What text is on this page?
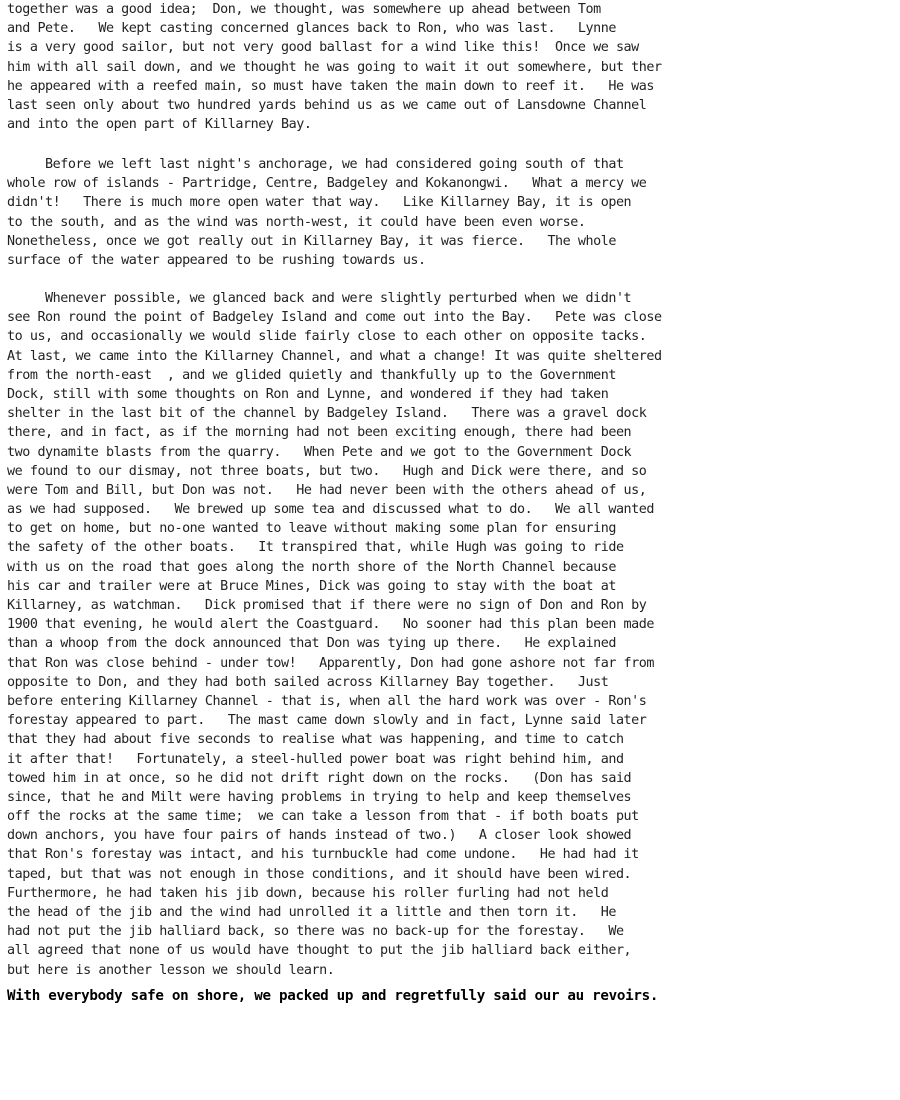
together was a good idea;  Don, we thought, was somewhere up ahead between Tom
and Pete.   We kept casting concerned glances back to Ron, who was last.   Lynne
is a very good sailor, but not very good ballast for a wind like this!  Once we saw
him with all sail down, and we thought he was going to wait it out somewhere, but ther
he appeared with a reefed main, so must have taken the main down to reef it.   He was
last seen only about two hundred yards behind us as we came out of Lansdowne Channel
and into the open part of Killarney Bay.
Before we left last night's anchorage, we had considered going south of that
whole row of islands - Partridge, Centre, Badgeley and Kokanongwi.   What a mercy we
didn't!   There is much more open water that way.   Like Killarney Bay, it is open
to the south, and as the wind was north-west, it could have been even worse.
Nonetheless, once we got really out in Killarney Bay, it was fierce.   The whole
surface of the water appeared to be rushing towards us.
Whenever possible, we glanced back and were slightly perturbed when we didn't
see Ron round the point of Badgeley Island and come out into the Bay.   Pete was close
to us, and occasionally we would slide fairly close to each other on opposite tacks.
At last, we came into the Killarney Channel, and what a change! It was quite sheltered
from the north-east  , and we glided quietly and thankfully up to the Government
Dock, still with some thoughts on Ron and Lynne, and wondered if they had taken
shelter in the last bit of the channel by Badgeley Island.   There was a gravel dock
there, and in fact, as if the morning had not been exciting enough, there had been
two dynamite blasts from the quarry.   When Pete and we got to the Government Dock
we found to our dismay, not three boats, but two.   Hugh and Dick were there, and so
were Tom and Bill, but Don was not.   He had never been with the others ahead of us,
as we had supposed.   We brewed up some tea and discussed what to do.   We all wanted
to get on home, but no-one wanted to leave without making some plan for ensuring
the safety of the other boats.   It transpired that, while Hugh was going to ride
with us on the road that goes along the north shore of the North Channel because
his car and trailer were at Bruce Mines, Dick was going to stay with the boat at
Killarney, as watchman.   Dick promised that if there were no sign of Don and Ron by
1900 that evening, he would alert the Coastguard.   No sooner had this plan been made
than a whoop from the dock announced that Don was tying up there.   He explained
that Ron was close behind - under tow!   Apparently, Don had gone ashore not far from
opposite to Don, and they had both sailed across Killarney Bay together.   Just
before entering Killarney Channel - that is, when all the hard work was over - Ron's
forestay appeared to part.   The mast came down slowly and in fact, Lynne said later
that they had about five seconds to realise what was happening, and time to catch
it after that!   Fortunately, a steel-hulled power boat was right behind him, and
towed him in at once, so he did not drift right down on the rocks.   (Don has said
since, that he and Milt were having problems in trying to help and keep themselves
off the rocks at the same time;  we can take a lesson from that - if both boats put
down anchors, you have four pairs of hands instead of two.)   A closer look showed
that Ron's forestay was intact, and his turnbuckle had come undone.   He had had it
taped, but that was not enough in those conditions, and it should have been wired.
Furthermore, he had taken his jib down, because his roller furling had not held
the head of the jib and the wind had unrolled it a little and then torn it.   He
had not put the jib halliard back, so there was no back-up for the forestay.   We
all agreed that none of us would have thought to put the jib halliard back either,
but here is another lesson we should learn.
With everybody safe on shore, we packed up and regretfully said our au revoirs.
